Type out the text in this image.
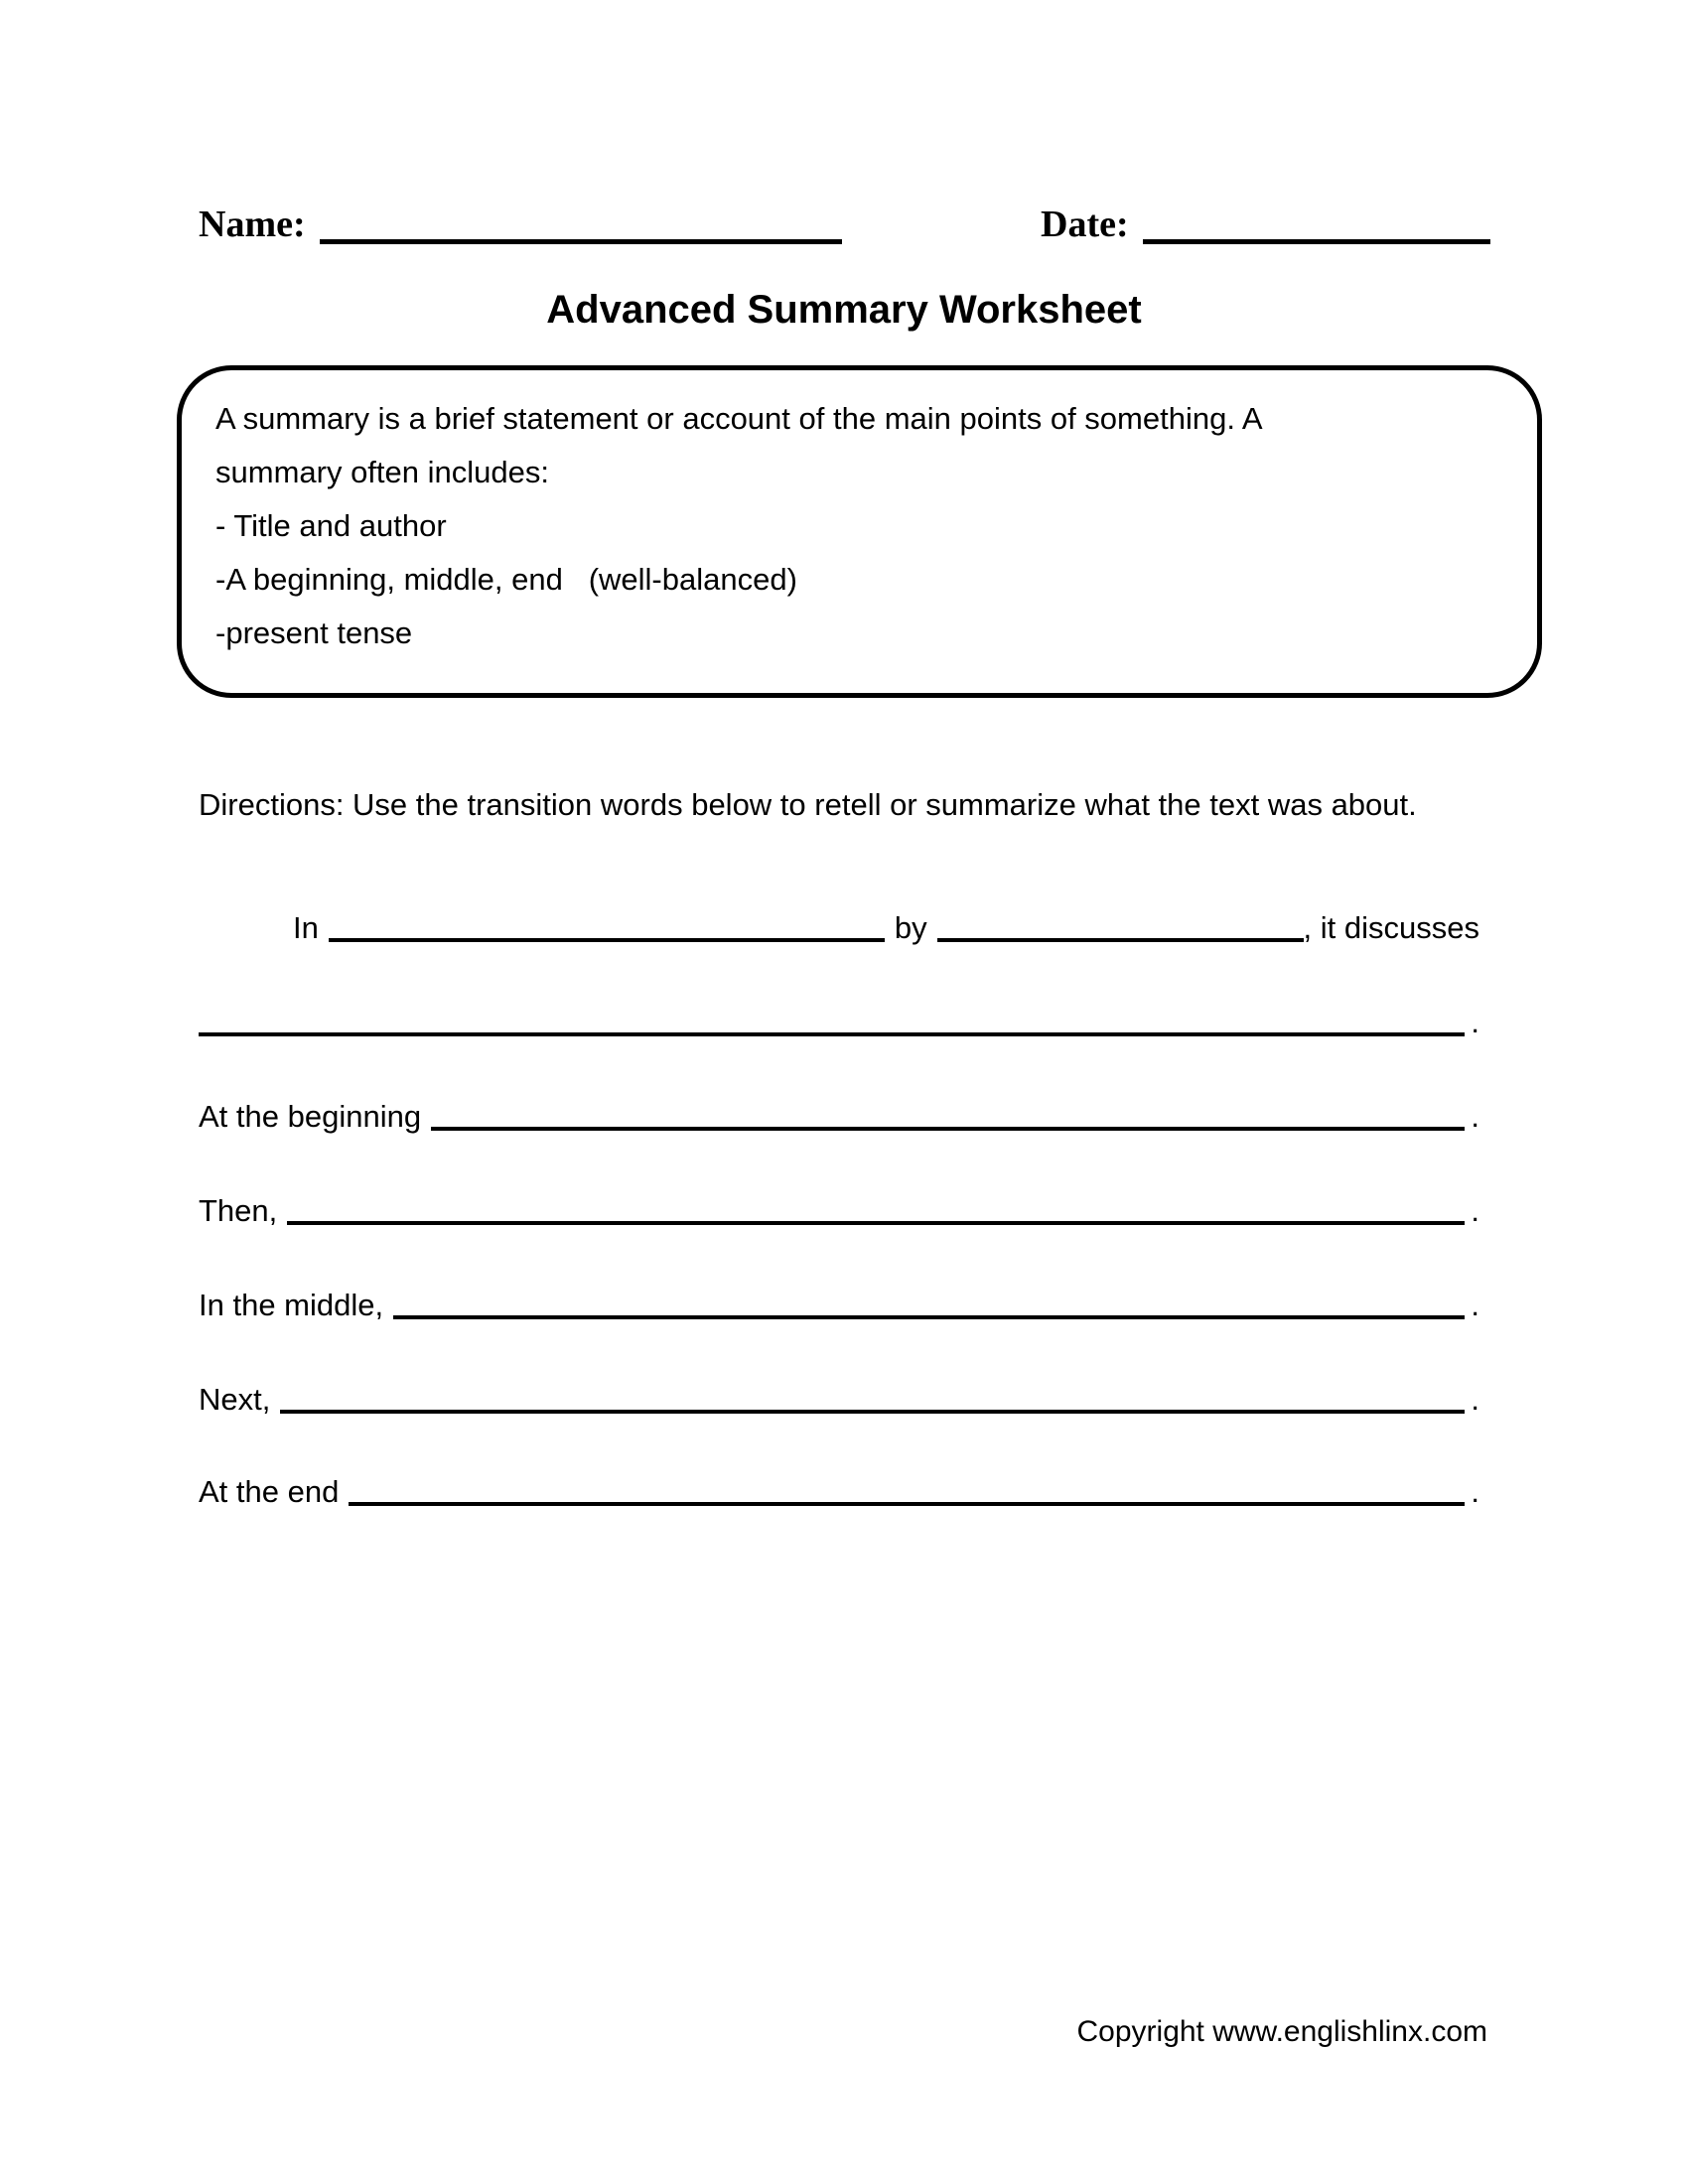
Name:	Date:
Advanced Summary Worksheet
A summary is a brief statement or account of the main points of something. A
summary often includes:
- Title and author
-A beginning, middle, end   (well-balanced)
-present tense
Directions: Use the transition words below to retell or summarize what the text was about.
In	by	, it discusses
.
At the beginning	.
Then,	.
In the middle,	.
Next,	.
At the end	.
Copyright www.englishlinx.com
